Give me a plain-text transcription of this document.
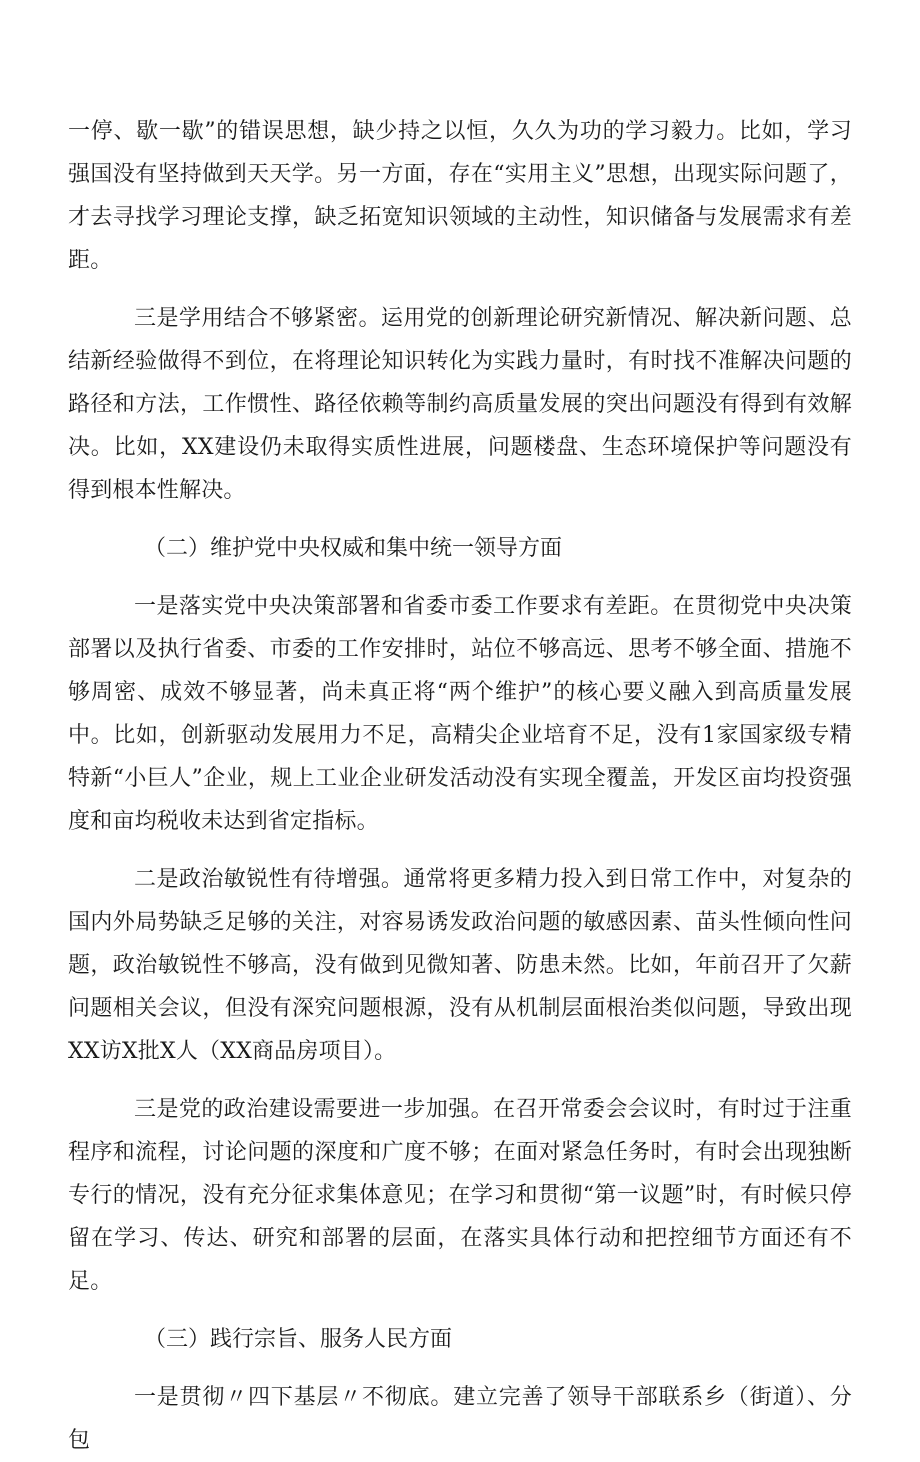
一停、歇一歇”的错误思想，缺少持之以恒，久久为功的学习毅力。比如，学习强国没有坚持做到天天学。另一方面，存在“实用主义”思想，出现实际问题了，才去寻找学习理论支撑，缺乏拓宽知识领域的主动性，知识储备与发展需求有差距。

三是学用结合不够紧密。运用党的创新理论研究新情况、解决新问题、总结新经验做得不到位，在将理论知识转化为实践力量时，有时找不准解决问题的路径和方法，工作惯性、路径依赖等制约高质量发展的突出问题没有得到有效解决。比如，XX建设仍未取得实质性进展，问题楼盘、生态环境保护等问题没有得到根本性解决。

（二）维护党中央权威和集中统一领导方面

一是落实党中央决策部署和省委市委工作要求有差距。在贯彻党中央决策部署以及执行省委、市委的工作安排时，站位不够高远、思考不够全面、措施不够周密、成效不够显著，尚未真正将“两个维护”的核心要义融入到高质量发展中。比如，创新驱动发展用力不足，高精尖企业培育不足，没有1家国家级专精特新“小巨人”企业，规上工业企业研发活动没有实现全覆盖，开发区亩均投资强度和亩均税收未达到省定指标。

二是政治敏锐性有待增强。通常将更多精力投入到日常工作中，对复杂的国内外局势缺乏足够的关注，对容易诱发政治问题的敏感因素、苗头性倾向性问题，政治敏锐性不够高，没有做到见微知著、防患未然。比如，年前召开了欠薪问题相关会议，但没有深究问题根源，没有从机制层面根治类似问题，导致出现XX访X批X人（XX商品房项目）。

三是党的政治建设需要进一步加强。在召开常委会会议时，有时过于注重程序和流程，讨论问题的深度和广度不够；在面对紧急任务时，有时会出现独断专行的情况，没有充分征求集体意见；在学习和贯彻“第一议题”时，有时候只停留在学习、传达、研究和部署的层面，在落实具体行动和把控细节方面还有不足。

（三）践行宗旨、服务人民方面

一是贯彻〃四下基层〃不彻底。建立完善了领导干部联系乡（街道）、分包
